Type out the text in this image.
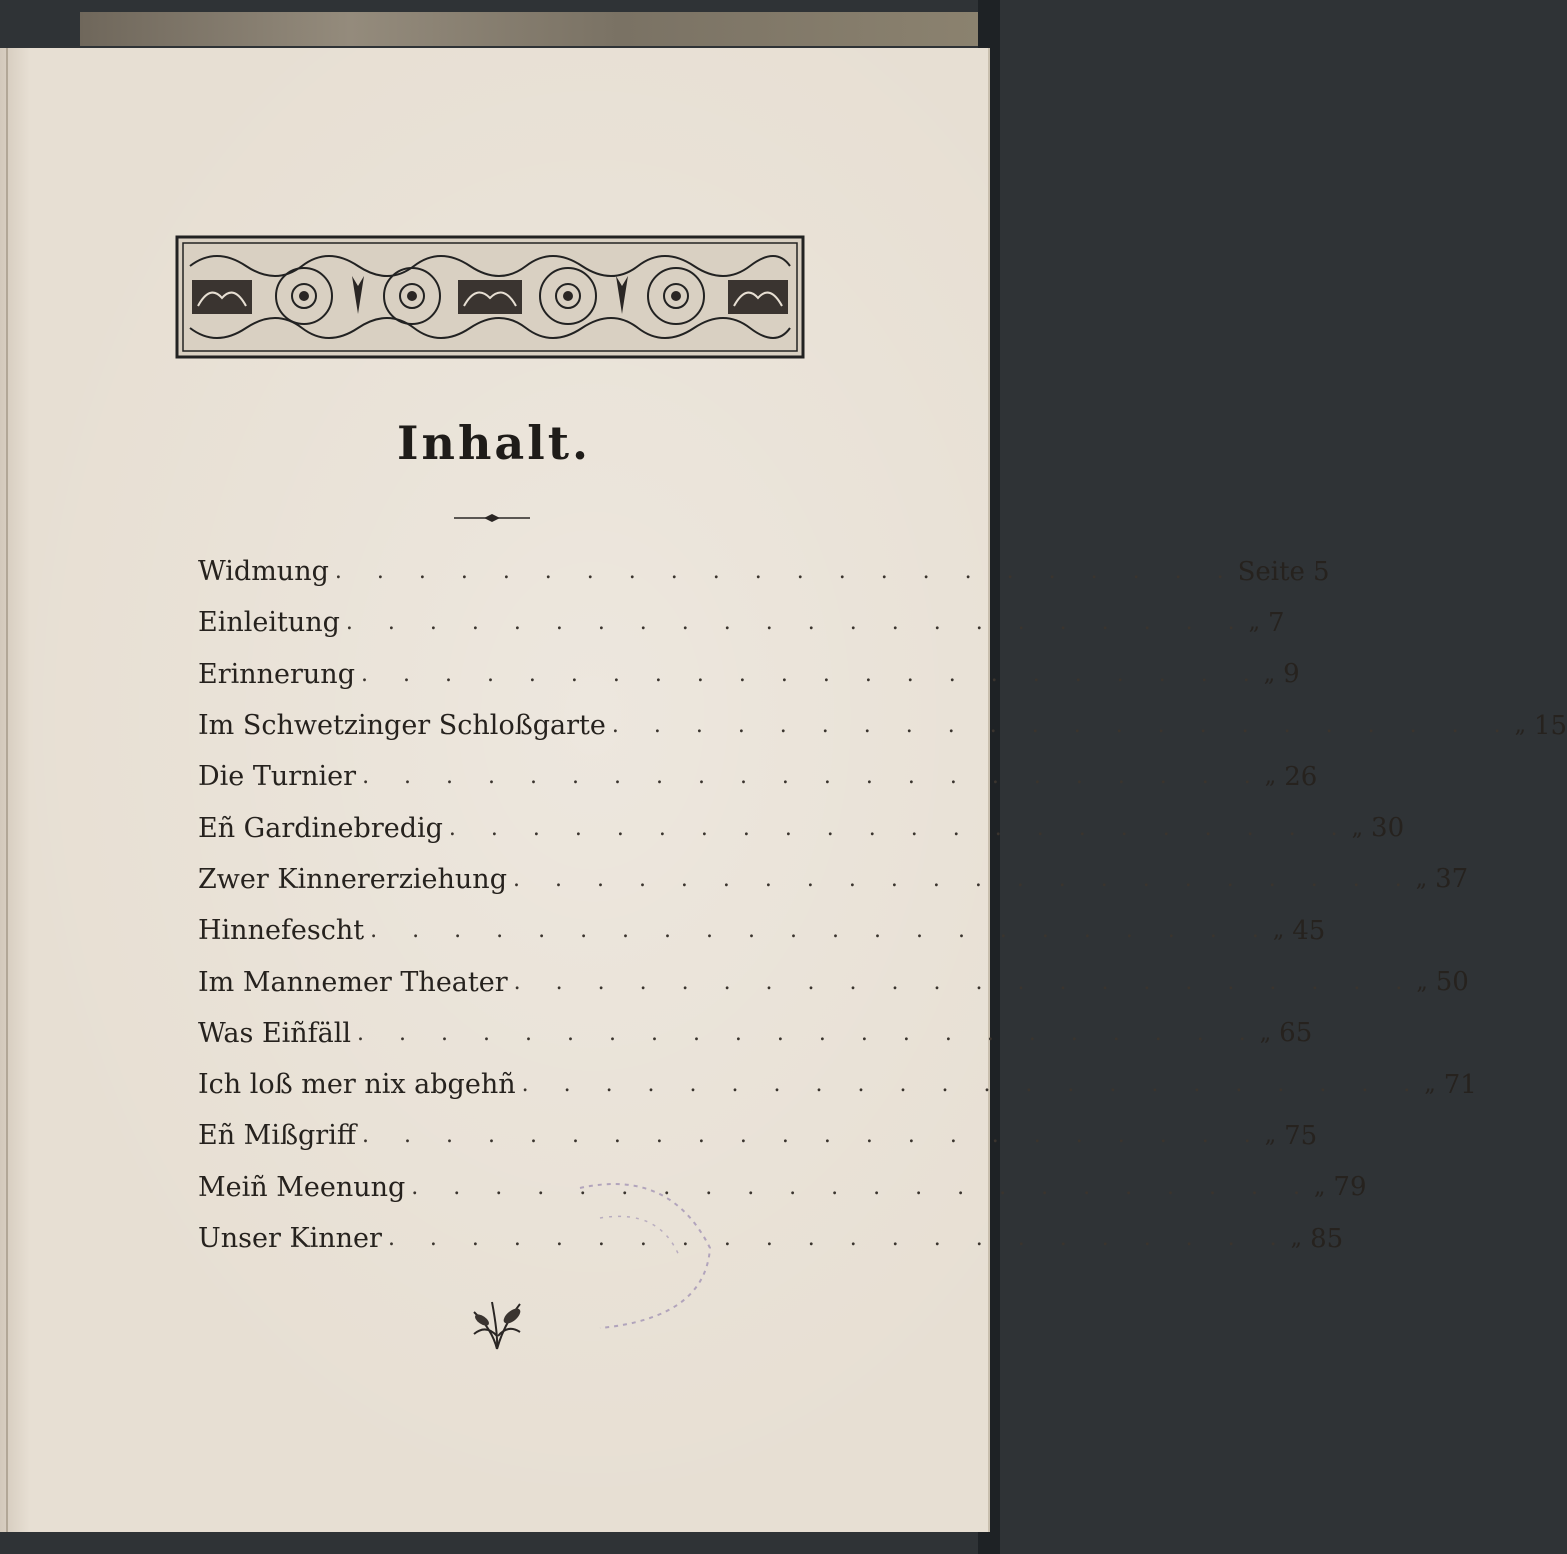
Inhalt.
Widmung . . . . . . . . . . . . . . . . . . . . . . Seite 5
Einleitung . . . . . . . . . . . . . . . . . . . . . . „ 7
Erinnerung . . . . . . . . . . . . . . . . . . . . . . „ 9
Im Schwetzinger Schloßgarte . . . . . . . . . . . . . . . . . . . . . . „ 15
Die Turnier . . . . . . . . . . . . . . . . . . . . . . „ 26
Eñ Gardinebredig . . . . . . . . . . . . . . . . . . . . . . „ 30
Zwer Kinnererziehung . . . . . . . . . . . . . . . . . . . . . . „ 37
Hinnefescht . . . . . . . . . . . . . . . . . . . . . . „ 45
Im Mannemer Theater . . . . . . . . . . . . . . . . . . . . . . „ 50
Was Eiñfäll . . . . . . . . . . . . . . . . . . . . . . „ 65
Ich loß mer nix abgehñ . . . . . . . . . . . . . . . . . . . . . . „ 71
Eñ Mißgriff . . . . . . . . . . . . . . . . . . . . . . „ 75
Meiñ Meenung . . . . . . . . . . . . . . . . . . . . . . „ 79
Unser Kinner . . . . . . . . . . . . . . . . . . . . . . „ 85
